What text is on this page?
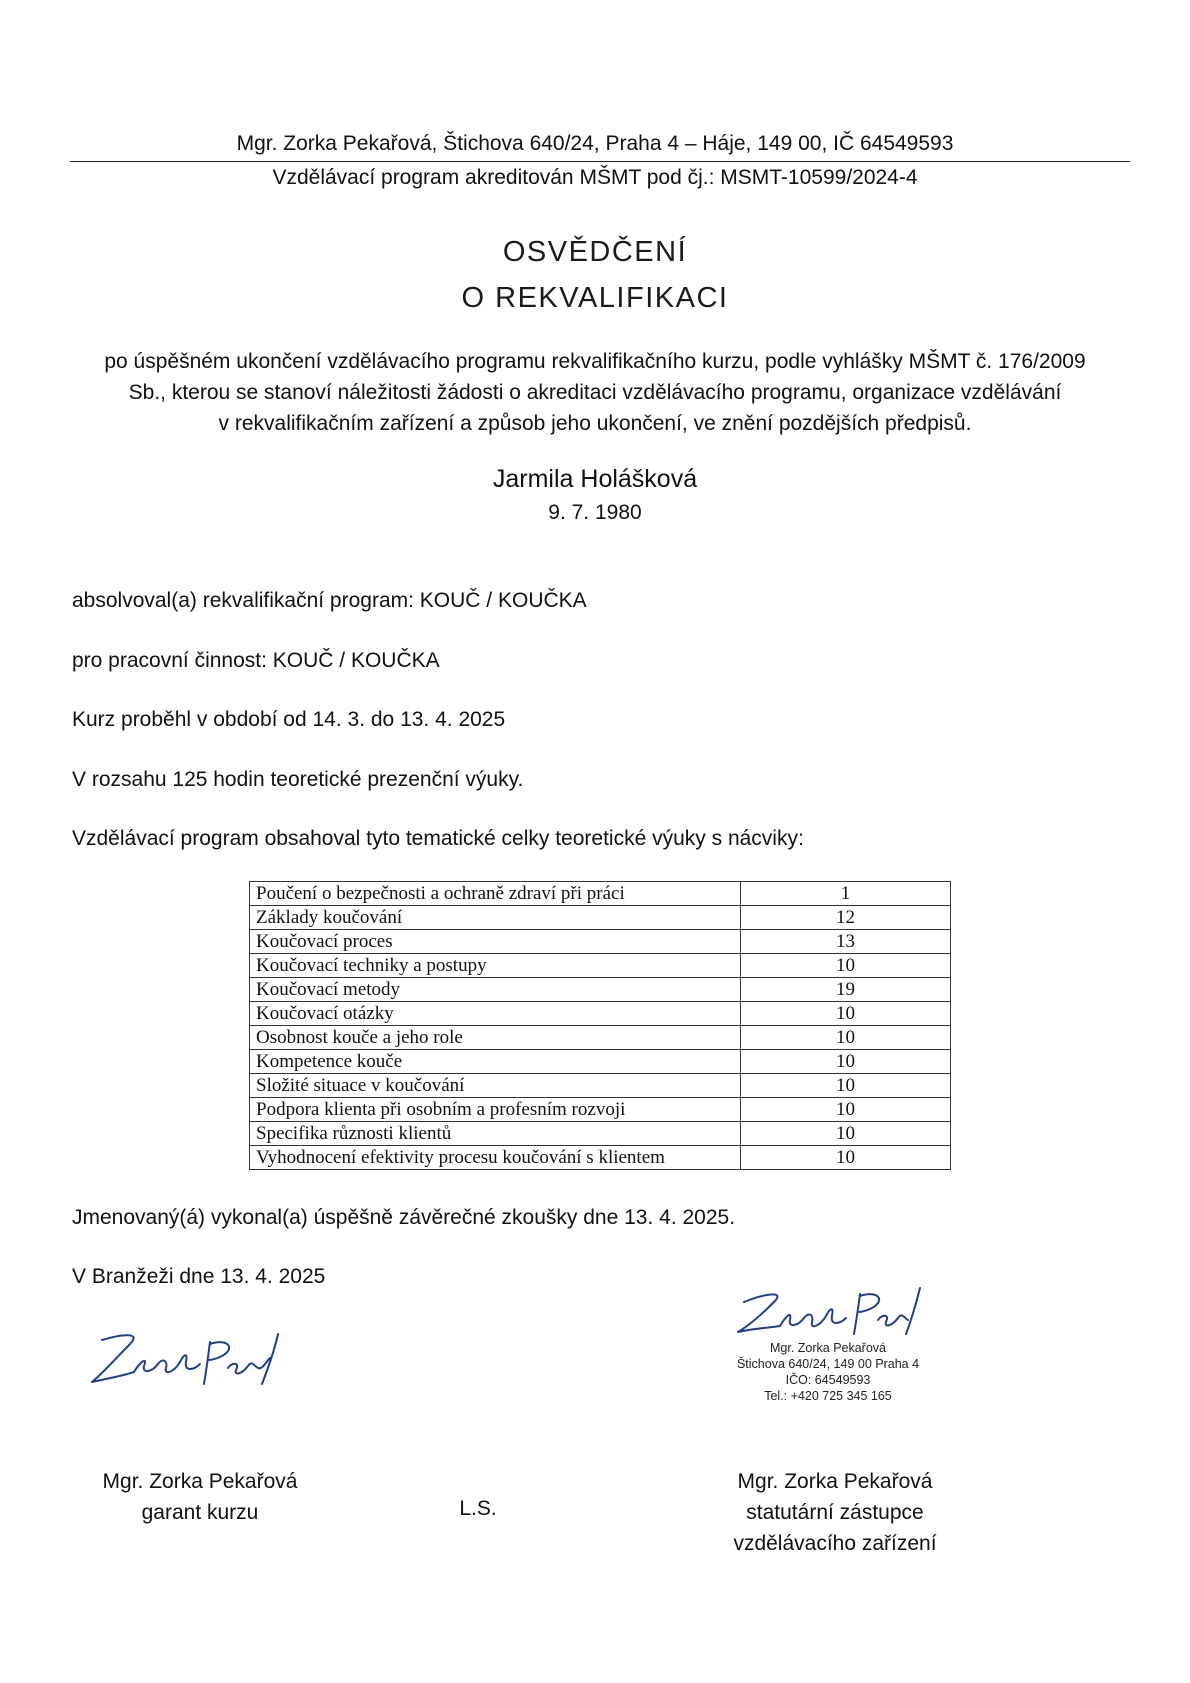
Mgr. Zorka Pekařová, Štichova 640/24, Praha 4 – Háje, 149 00, IČ 64549593
Vzdělávací program akreditován MŠMT pod čj.: MSMT-10599/2024-4
OSVĚDČENÍ
O REKVALIFIKACI
po úspěšném ukončení vzdělávacího programu rekvalifikačního kurzu, podle vyhlášky MŠMT č. 176/2009
Sb., kterou se stanoví náležitosti žádosti o akreditaci vzdělávacího programu, organizace vzdělávání
v rekvalifikačním zařízení a způsob jeho ukončení, ve znění pozdějších předpisů.
Jarmila Holášková
9. 7. 1980
absolvoval(a) rekvalifikační program: KOUČ / KOUČKA
pro pracovní činnost: KOUČ / KOUČKA
Kurz proběhl v období od 14. 3. do 13. 4. 2025
V rozsahu 125 hodin teoretické prezenční výuky.
Vzdělávací program obsahoval tyto tematické celky teoretické výuky s nácviky:
Poučení o bezpečnosti a ochraně zdraví při práci	1
Základy koučování	12
Koučovací proces	13
Koučovací techniky a postupy	10
Koučovací metody	19
Koučovací otázky	10
Osobnost kouče a jeho role	10
Kompetence kouče	10
Složité situace v koučování	10
Podpora klienta při osobním a profesním rozvoji	10
Specifika různosti klientů	10
Vyhodnocení efektivity procesu koučování s klientem	10
Jmenovaný(á) vykonal(a) úspěšně závěrečné zkoušky dne 13. 4. 2025.
V Branžeži dne 13. 4. 2025
Mgr. Zorka Pekařová
Štichova 640/24, 149 00 Praha 4
IČO: 64549593
Tel.: +420 725 345 165
Mgr. Zorka Pekařová
garant kurzu	L.S.
Mgr. Zorka Pekařová
statutární zástupce
vzdělávacího zařízení
